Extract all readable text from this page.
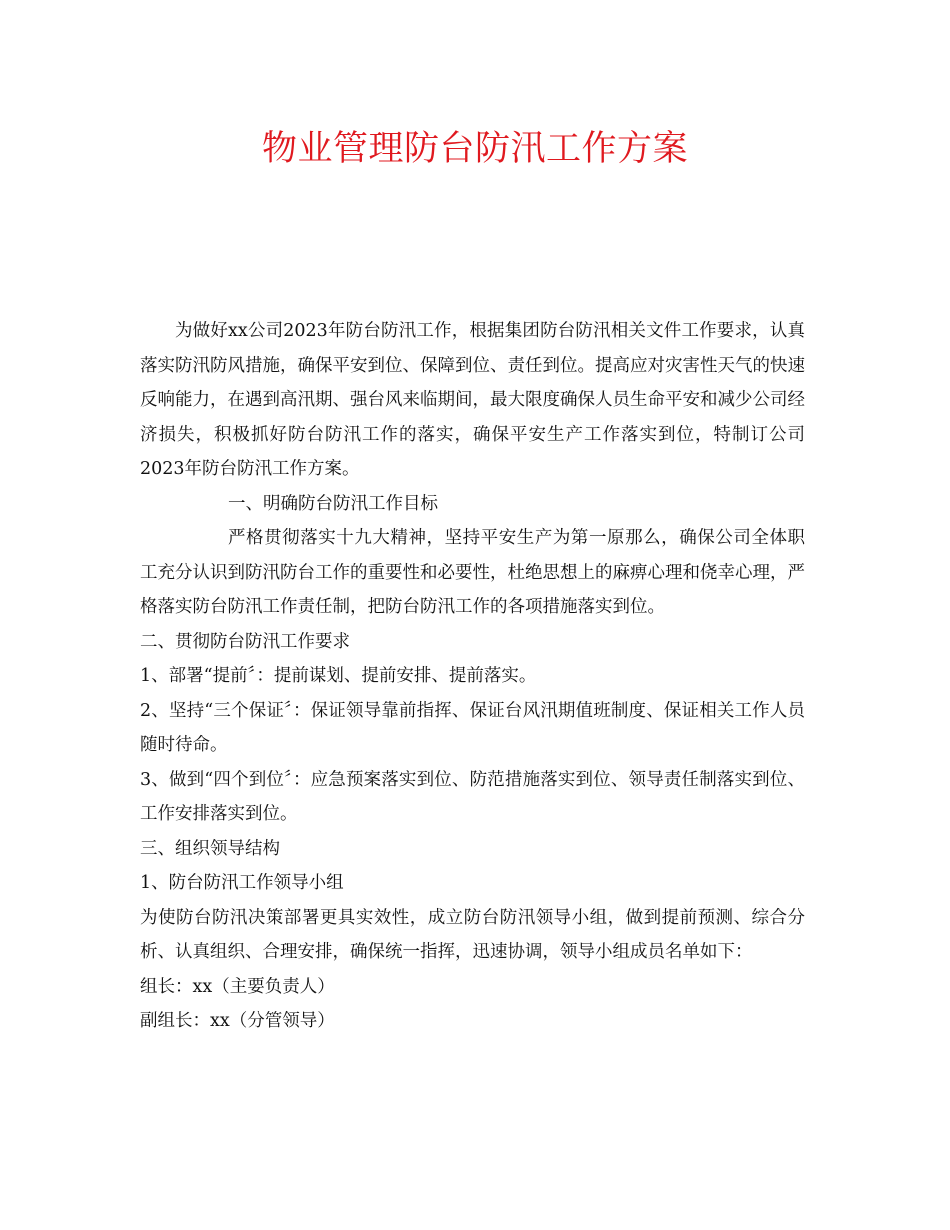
物业管理防台防汛工作方案

为做好xx公司2023年防台防汛工作，根据集团防台防汛相关文件工作要求，认真落实防汛防风措施，确保平安到位、保障到位、责任到位。提高应对灾害性天气的快速反响能力，在遇到高汛期、强台风来临期间，最大限度确保人员生命平安和减少公司经济损失，积极抓好防台防汛工作的落实，确保平安生产工作落实到位，特制订公司2023年防台防汛工作方案。

一、明确防台防汛工作目标

严格贯彻落实十九大精神，坚持平安生产为第一原那么，确保公司全体职工充分认识到防汛防台工作的重要性和必要性，杜绝思想上的麻痹心理和侥幸心理，严格落实防台防汛工作责任制，把防台防汛工作的各项措施落实到位。

二、贯彻防台防汛工作要求

1、部署“提前〞：提前谋划、提前安排、提前落实。

2、坚持“三个保证〞：保证领导靠前指挥、保证台风汛期值班制度、保证相关工作人员随时待命。

3、做到“四个到位〞：应急预案落实到位、防范措施落实到位、领导责任制落实到位、工作安排落实到位。

三、组织领导结构

1、防台防汛工作领导小组

为使防台防汛决策部署更具实效性，成立防台防汛领导小组，做到提前预测、综合分析、认真组织、合理安排，确保统一指挥，迅速协调，领导小组成员名单如下：

组长：xx（主要负责人）

副组长：xx（分管领导）
